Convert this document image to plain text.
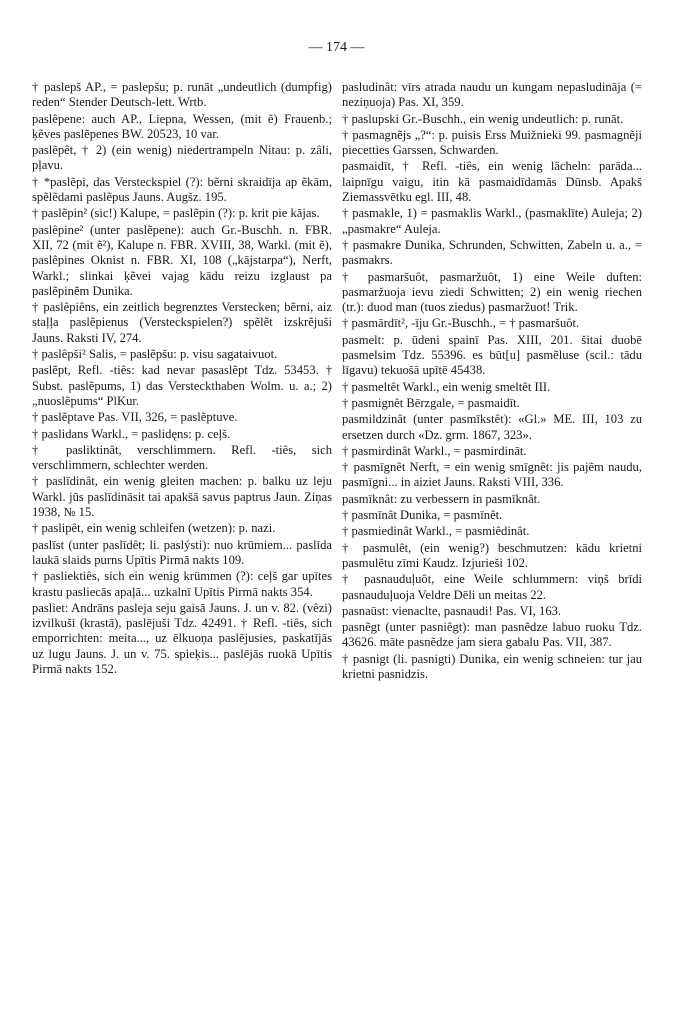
— 174 —

† paslepš AP., = paslepšu; p. runāt „undeutlich (dumpfig) reden“ Stender Deutsch-lett. Wrtb.

paslêpene: auch AP., Liepna, Wessen, (mit ẽ) Frauenb.; ķẽves paslẽpenes BW. 20523, 10 var.

paslẽpêt, † 2) (ein wenig) niedertrampeln Nitau: p. zâli, pļavu.

† *paslẽpi, das Versteckspiel (?): bẽrni skraidīja ap ẽkām, spẽlẽdami paslẽpus Jauns. Augšz. 195.

† paslẽpin² (sic!) Kalupe, = paslẽpin (?): p. krit pie kājas.

paslêpine² (unter paslẽpene): auch Gr.-Buschh. n. FBR. XII, 72 (mit ẽ²), Kalupe n. FBR. XVIII, 38, Warkl. (mit ẽ), paslêpines Oknist n. FBR. XI, 108 („kājstarpa“), Nerft, Warkl.; slinkai ķẽvei vajag kādu reizu izglaust pa paslẽpinẽm Dunika.

† paslêpiêns, ein zeitlich begrenztes Verstecken; bẽrni, aiz staļļa paslẽpienus (Versteckspielen?) spẽlẽt izskrẽjuši Jauns. Raksti IV, 274.

† paslêpši² Salis, = paslẽpšu: p. visu sagataivuot.

paslẽpt, Refl. -tiês: kad nevar pasaslẽpt Tdz. 53453. † Subst. paslẽpums, 1) das Versteckthaben Wolm. u. a.; 2) „nuoslẽpums“ PlKur.

† paslẽptave Pas. VII, 326, = paslẽptuve.

† paslidans Warkl., = paslidęns: p. ceļš.

† pasliktinât, verschlimmern. Refl. -tiês, sich verschlimmern, schlechter werden.

† paslīdinât, ein wenig gleiten machen: p. balku uz leju Warkl. jūs paslīdināsit tai apakšā savus paptrus Jaun. Ziņas 1938, № 15.

† paslipêt, ein wenig schleifen (wetzen): p. nazi.

paslīst (unter paslīdêt; li. paslýsti): nuo krūmiem... paslīda laukā slaids purns Upītis Pirmā nakts 109.

† pasliektiês, sich ein wenig krümmen (?): ceļš gar upītes krastu pasliecās apaļā... uzkalnī Upītis Pirmā nakts 354.

paslìet: Andrāns pasleja seju gaisā Jauns. J. un v. 82. (vêzi) izvilkuši (krastā), paslējuši Tdz. 42491. † Refl. -tiês, sich emporrichten: meita..., uz ēlkuoņa paslējusies, paskatījās uz lugu Jauns. J. un v. 75. spieķis... paslējās ruokā Upītis Pirmā nakts 152.

pasludinât: vīrs atrada naudu un kungam nepasludināja (= neziņuoja) Pas. XI, 359.

† paslupski Gr.-Buschh., ein wenig undeutlich: p. runāt.

† pasmagnẽjs „?“: p. puisis Erss Muižnieki 99. pasmagnẽji piecetties Garssen, Schwarden.

pasmaidīt, † Refl. -tiês, ein wenig lächeln: parāda... laipnīgu vaigu, itin kā pasmaidīdamās Dūnsb. Apakš Ziemassvētku egl. III, 48.

† pasmakle, 1) = pasmaklis Warkl., (pasmaklīte) Auleja; 2) „pasmakre“ Auleja.

† pasmakre Dunika, Schrunden, Schwitten, Zabeln u. a., = pasmakrs.

† pasmaršuôt, pasmaržuôt, 1) eine Weile duften: pasmaržuoja ievu ziedi Schwitten; 2) ein wenig riechen (tr.): duod man (tuos ziedus) pasmaržuot! Trik.

† pasmārdīt², -īju Gr.-Buschh., = † pasmaršuôt.

pasmelt: p. ūdeni spainī Pas. XIII, 201. šitai duobē pasmelsim Tdz. 55396. es būt[u] pasmẽluse (scil.: tādu līgavu) tekuošā upītē 45438.

† pasmeltêt Warkl., ein wenig smeltêt III.

† pasmignêt Bērzgale, = pasmaidīt.

pasmildzinât (unter pasmīkstêt): «Gl.» ME. III, 103 zu ersetzen durch «Dz. grm. 1867, 323».

† pasmirdinât Warkl., = pasmirdināt.

† pasmīgnêt Nerft, = ein wenig smīgnêt: jis pajẽm naudu, pasmīgni... in aiziet Jauns. Raksti VIII, 336.

pasmīknât: zu verbessern in pasmīknât.

† pasmīnât Dunika, = pasmīnêt.

† pasmiedinât Warkl., = pasmiêdinât.

† pasmulêt, (ein wenig?) beschmutzen: kādu krietni pasmulẽtu zīmi Kaudz. Izjurieši 102.

† pasnauduļuôt, eine Weile schlummern: viņš brīdi pasnauduļuoja Veldre Dēli un meitas 22.

pasnaūst: vienaclte, pasnaudi! Pas. VI, 163.

pasnẽgt (unter pasniêgt): man pasnẽdze labuo ruoku Tdz. 43626. māte pasnẽdze jam siera gabalu Pas. VII, 387.

† pasnigt (li. pasnigti) Dunika, ein wenig schneien: tur jau krietni pasnidzis.
